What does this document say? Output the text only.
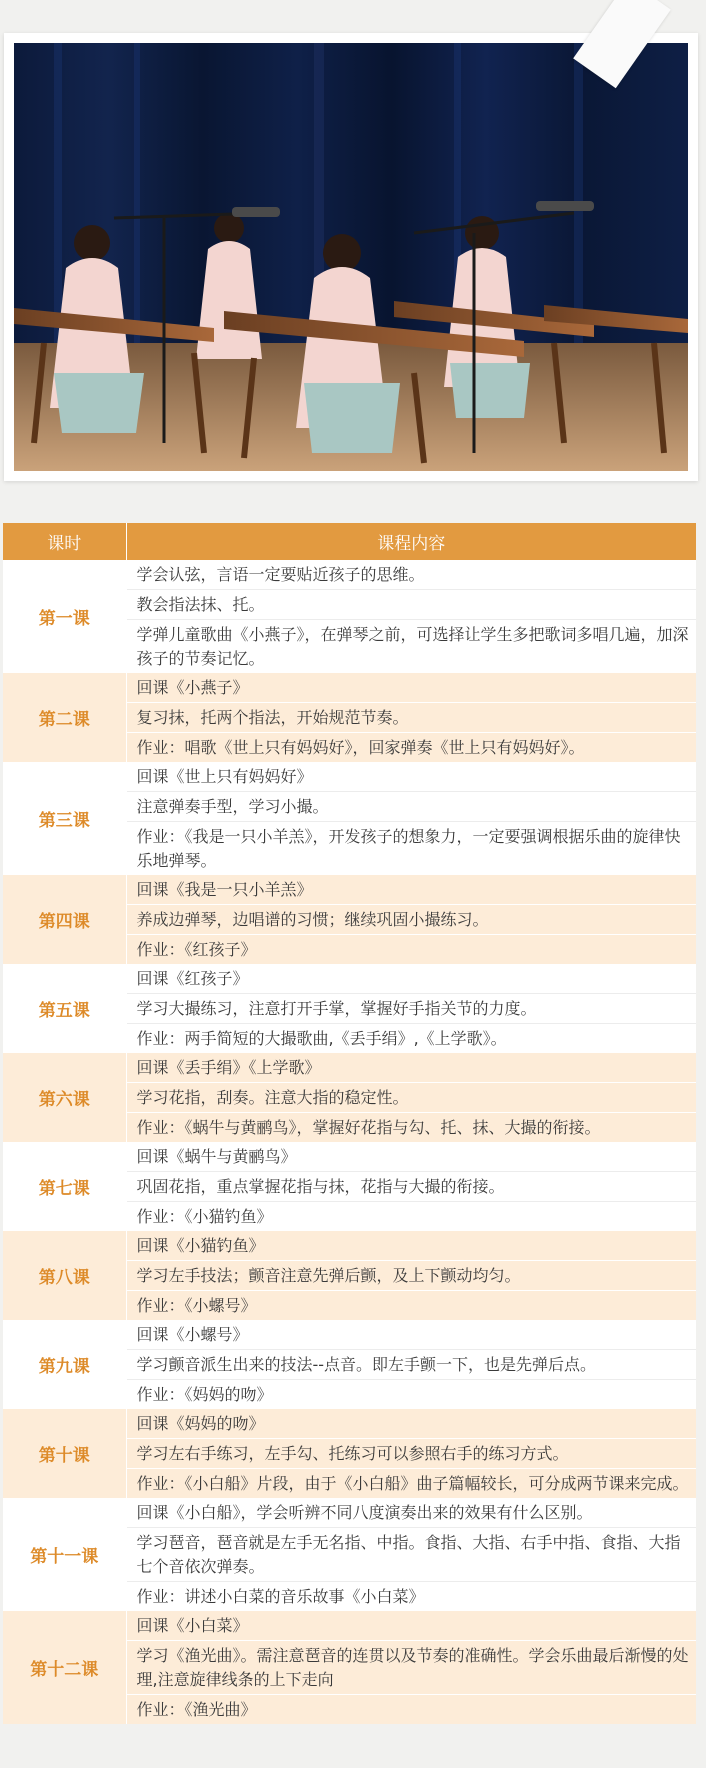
课时	课程内容
第一课	学会认弦，言语一定要贴近孩子的思维。
	教会指法抹、托。
	学弹儿童歌曲《小燕子》，在弹琴之前，可选择让学生多把歌词多唱几遍，加深孩子的节奏记忆。
第二课	回课《小燕子》
	复习抹，托两个指法，开始规范节奏。
	作业：唱歌《世上只有妈妈好》，回家弹奏《世上只有妈妈好》。
第三课	回课《世上只有妈妈好》
	注意弹奏手型，学习小撮。
	作业：《我是一只小羊羔》，开发孩子的想象力，一定要强调根据乐曲的旋律快乐地弹琴。
第四课	回课《我是一只小羊羔》
	养成边弹琴，边唱谱的习惯；继续巩固小撮练习。
	作业：《红孩子》
第五课	回课《红孩子》
	学习大撮练习，注意打开手掌，掌握好手指关节的力度。
	作业：两手简短的大撮歌曲,《丢手绢》,《上学歌》。
第六课	回课《丢手绢》《上学歌》
	学习花指，刮奏。注意大指的稳定性。
	作业：《蜗牛与黄鹂鸟》，掌握好花指与勾、托、抹、大撮的衔接。
第七课	回课《蜗牛与黄鹂鸟》
	巩固花指，重点掌握花指与抹，花指与大撮的衔接。
	作业：《小猫钓鱼》
第八课	回课《小猫钓鱼》
	学习左手技法；颤音注意先弹后颤，及上下颤动均匀。
	作业：《小螺号》
第九课	回课《小螺号》
	学习颤音派生出来的技法--点音。即左手颤一下，也是先弹后点。
	作业：《妈妈的吻》
第十课	回课《妈妈的吻》
	学习左右手练习，左手勾、托练习可以参照右手的练习方式。
	作业：《小白船》片段，由于《小白船》曲子篇幅较长，可分成两节课来完成。
第十一课	回课《小白船》，学会听辨不同八度演奏出来的效果有什么区别。
	学习琶音，琶音就是左手无名指、中指。食指、大指、右手中指、食指、大指七个音依次弹奏。
	作业：讲述小白菜的音乐故事《小白菜》
第十二课	回课《小白菜》
	学习《渔光曲》。需注意琶音的连贯以及节奏的准确性。学会乐曲最后渐慢的处理,注意旋律线条的上下走向
	作业：《渔光曲》
